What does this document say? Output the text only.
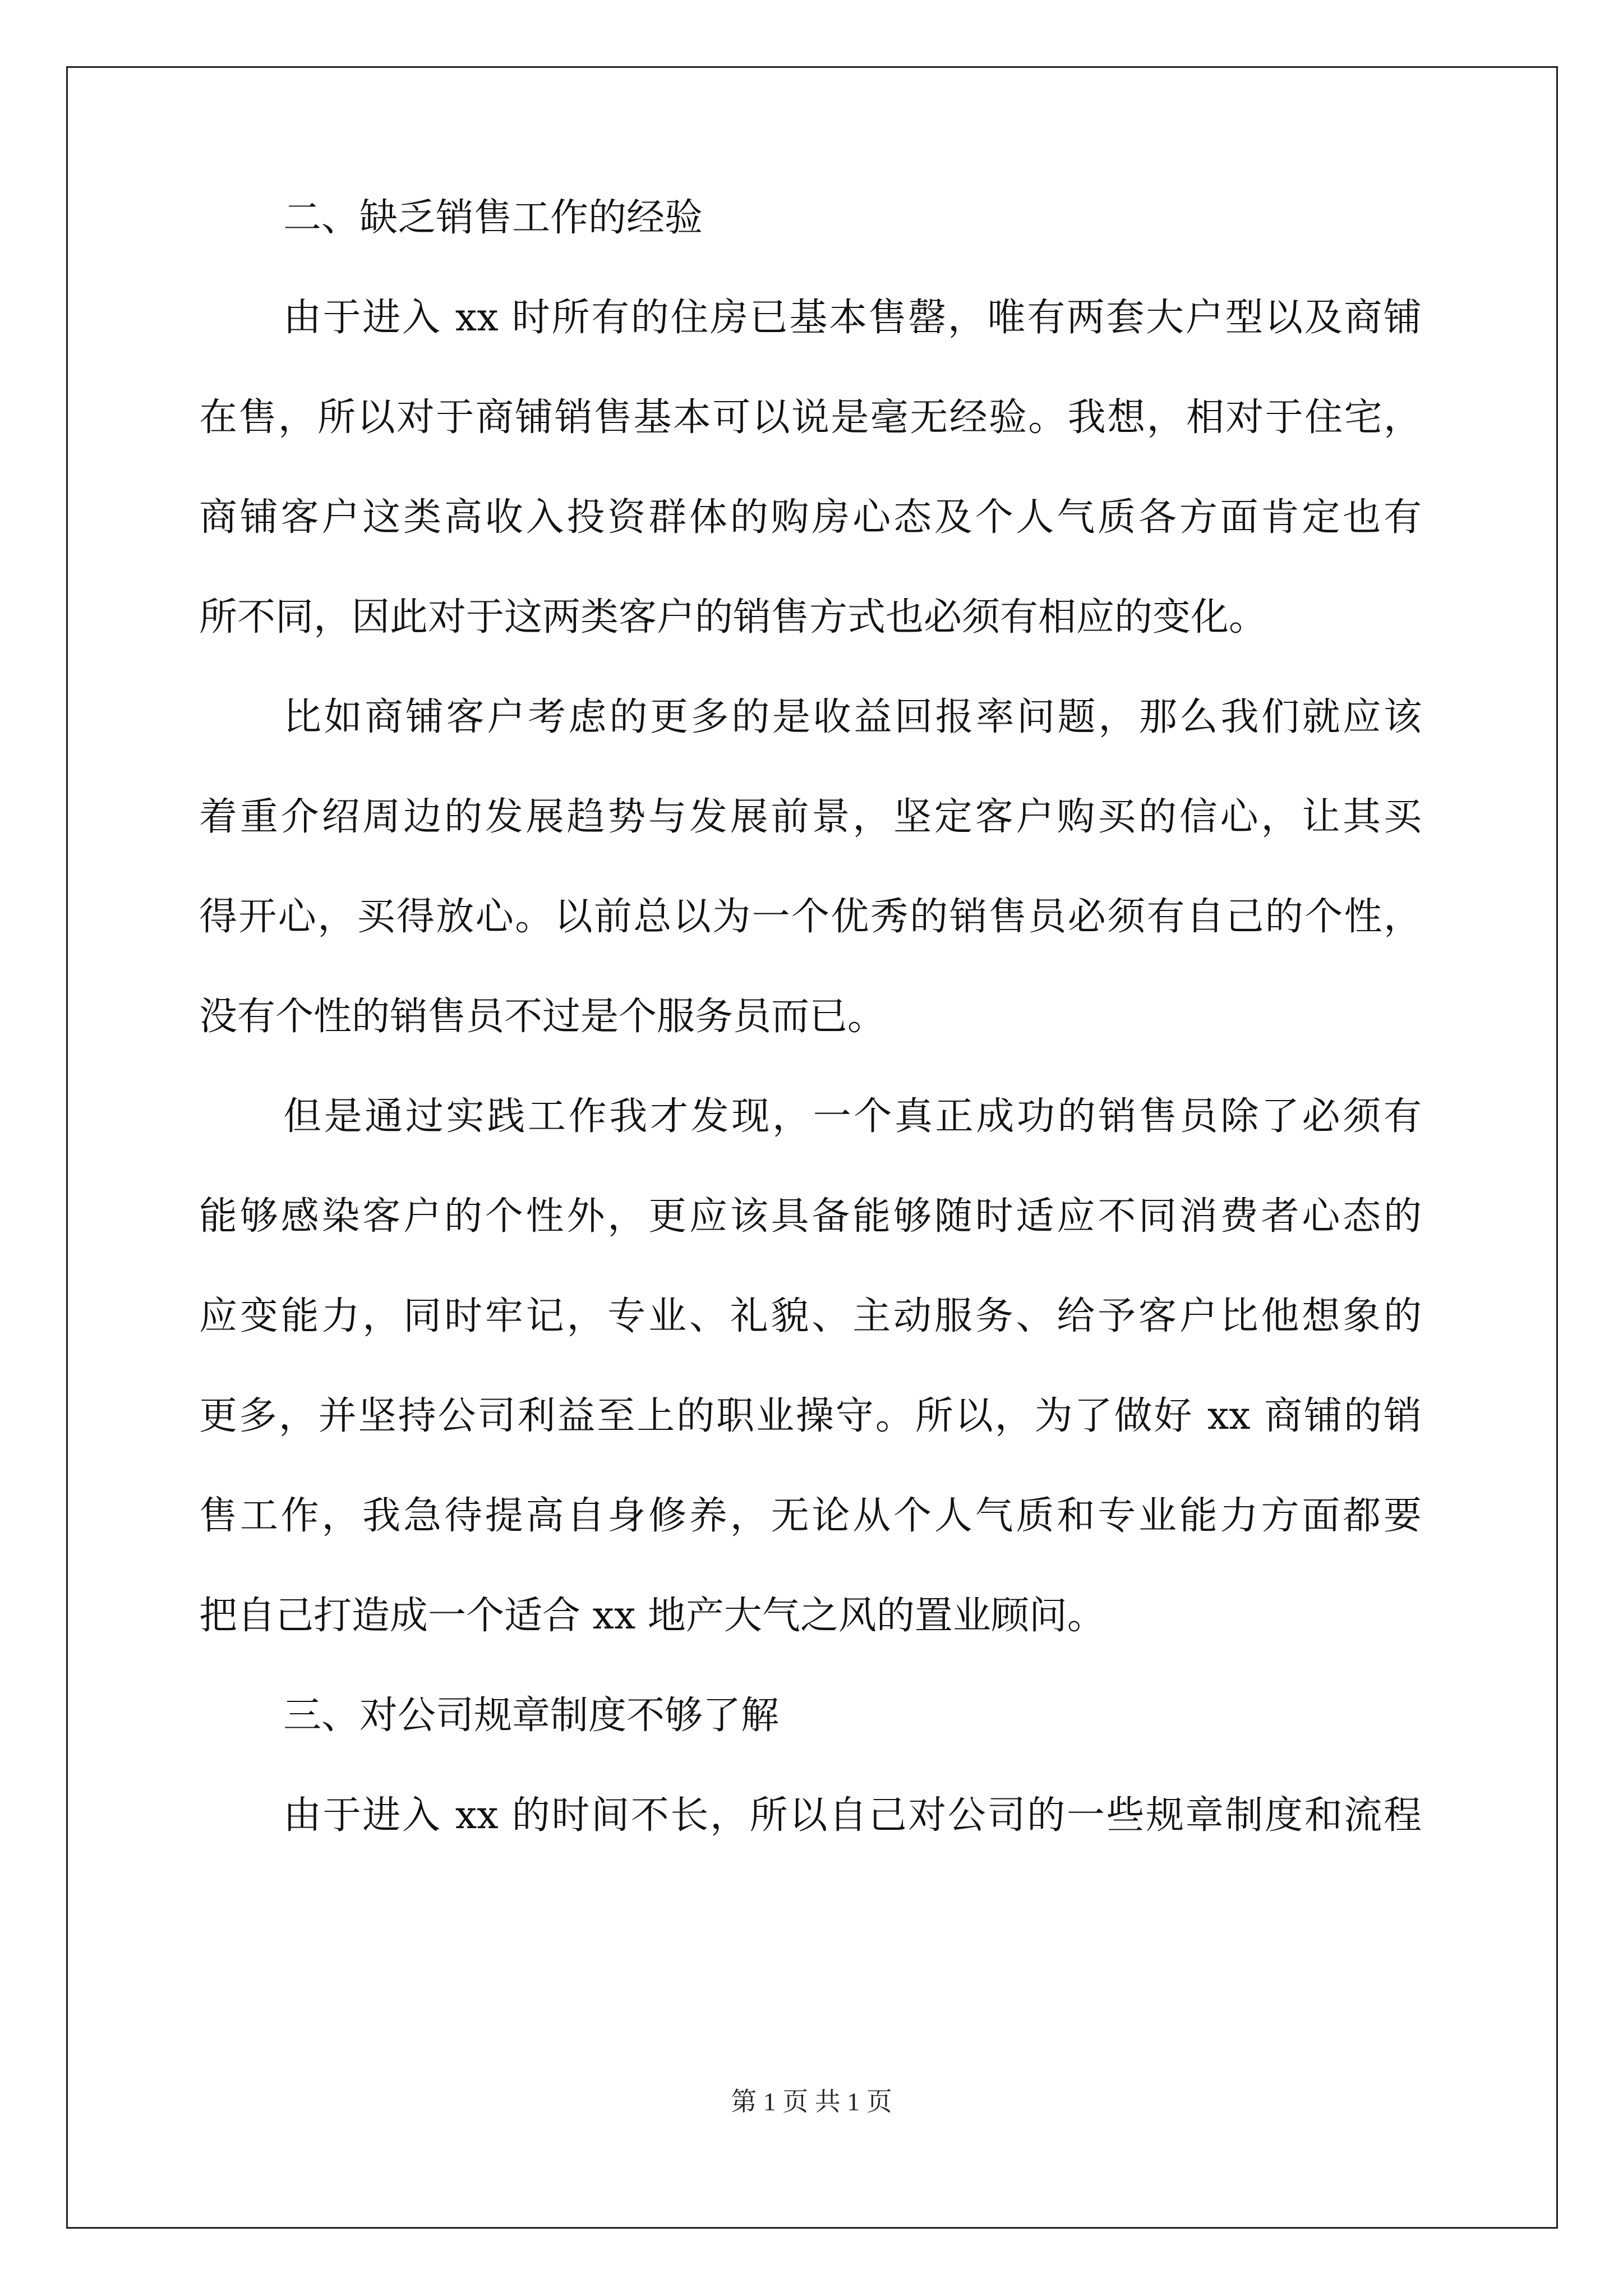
二、缺乏销售工作的经验
由于进入 xx 时所有的住房已基本售罄，唯有两套大户型以及商铺
在售，所以对于商铺销售基本可以说是毫无经验。我想，相对于住宅，
商铺客户这类高收入投资群体的购房心态及个人气质各方面肯定也有
所不同，因此对于这两类客户的销售方式也必须有相应的变化。
比如商铺客户考虑的更多的是收益回报率问题，那么我们就应该
着重介绍周边的发展趋势与发展前景，坚定客户购买的信心，让其买
得开心，买得放心。以前总以为一个优秀的销售员必须有自己的个性，
没有个性的销售员不过是个服务员而已。
但是通过实践工作我才发现，一个真正成功的销售员除了必须有
能够感染客户的个性外，更应该具备能够随时适应不同消费者心态的
应变能力，同时牢记，专业、礼貌、主动服务、给予客户比他想象的
更多，并坚持公司利益至上的职业操守。所以，为了做好 xx 商铺的销
售工作，我急待提高自身修养，无论从个人气质和专业能力方面都要
把自己打造成一个适合 xx 地产大气之风的置业顾问。
三、对公司规章制度不够了解
由于进入 xx 的时间不长，所以自己对公司的一些规章制度和流程
第 1 页 共 1 页
